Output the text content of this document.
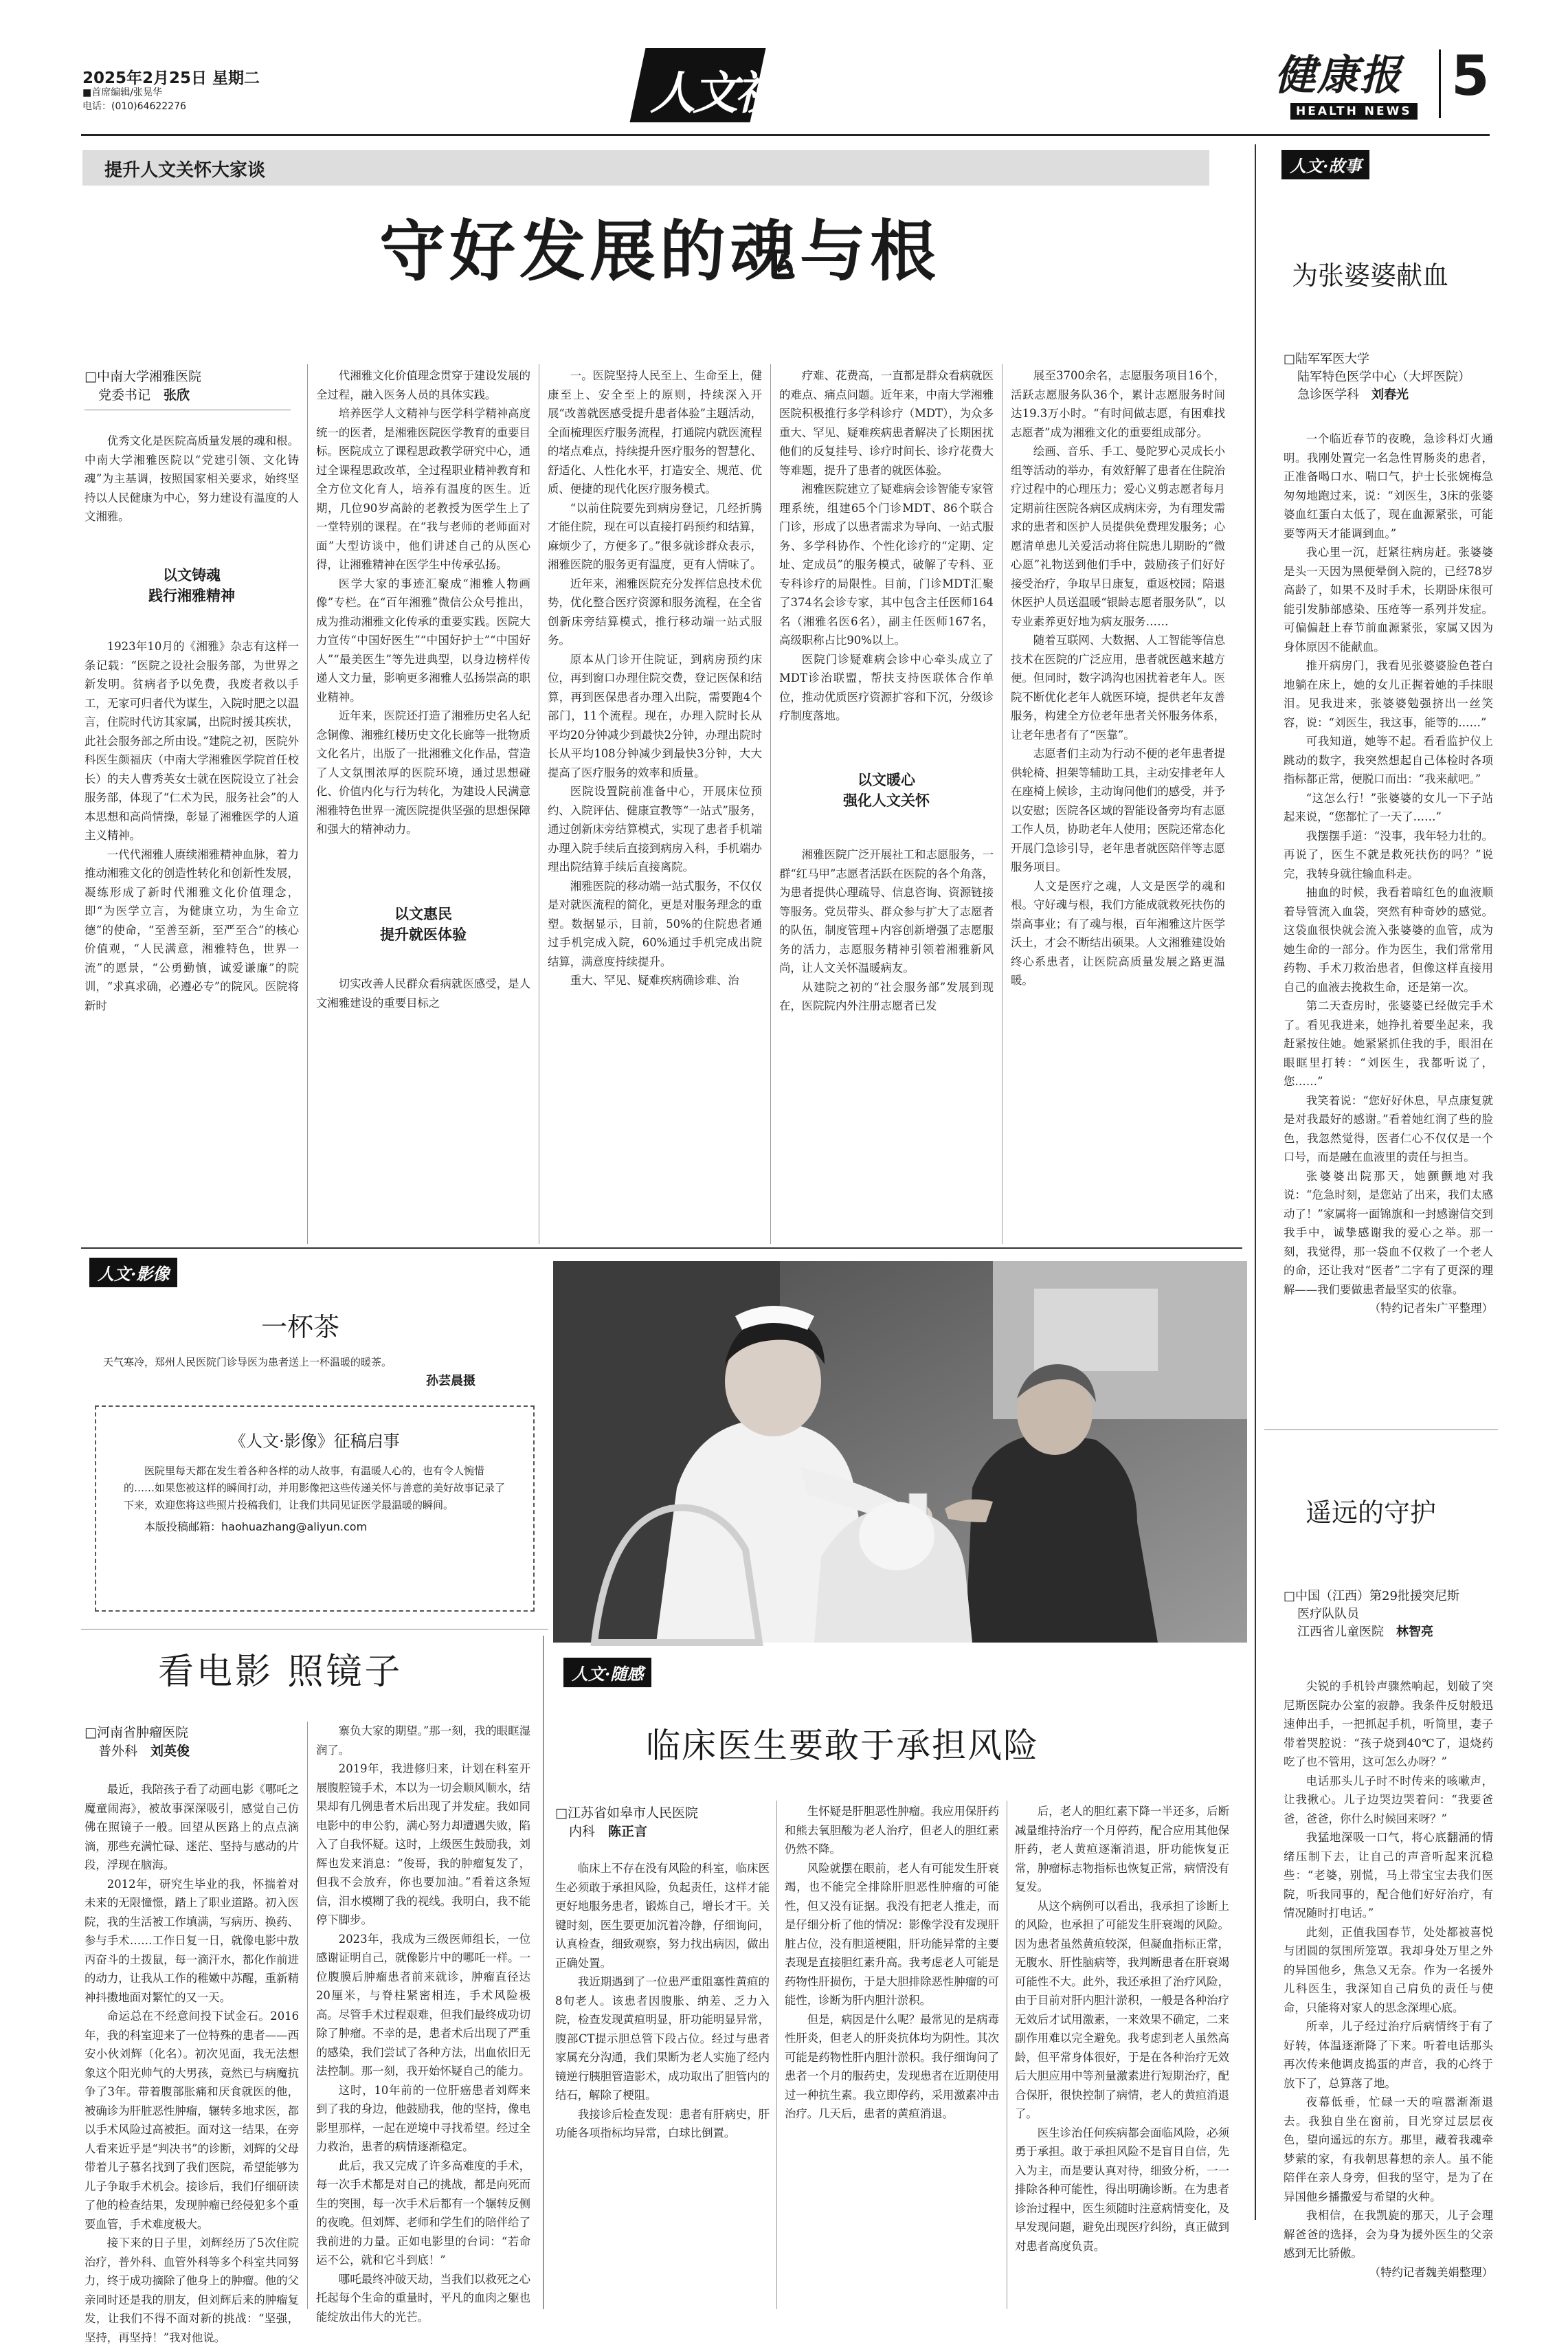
2025年2月25日 星期二
■首席编辑/张晃华
电话：(010)64622276	人文视线	健康报
HEALTH NEWS
5
提升人文关怀大家谈
守好发展的魂与根
□中南大学湘雅医院
党委书记　 张欣

优秀文化是医院高质量发展的魂和根。中南大学湘雅医院以“党建引领、文化铸魂”为主基调，按照国家相关要求，始终坚持以人民健康为中心，努力建设有温度的人文湘雅。

以文铸魂
践行湘雅精神

1923年10月的《湘雅》杂志有这样一条记载：“医院之设社会服务部，为世界之新发明。贫病者予以免费，我废者救以手工，无家可归者代为谋生，入院时肥之以温言，住院时代访其家属，出院时援其疾状，此社会服务部之所由设。”建院之初，医院外科医生颜福庆（中南大学湘雅医学院首任校长）的夫人曹秀英女士就在医院设立了社会服务部，体现了“仁术为民，服务社会”的人本思想和高尚情操，彰显了湘雅医学的人道主义精神。

一代代湘雅人赓续湘雅精神血脉，着力推动湘雅文化的创造性转化和创新性发展，凝练形成了新时代湘雅文化价值理念，即“为医学立言，为健康立功，为生命立德”的使命，“至善至新，至严至合”的核心价值观，“人民满意，湘雅特色，世界一流”的愿景，“公勇勤慎，诚爱谦廉”的院训，“求真求确，必遵必专”的院风。医院将新时

代湘雅文化价值理念贯穿于建设发展的全过程，融入医务人员的具体实践。

培养医学人文精神与医学科学精神高度统一的医者，是湘雅医院医学教育的重要目标。医院成立了课程思政教学研究中心，通过全课程思政改革，全过程职业精神教育和全方位文化育人，培养有温度的医生。近期，几位90岁高龄的老教授为医学生上了一堂特别的课程。在“我与老师的老师面对面”大型访谈中，他们讲述自己的从医心得，让湘雅精神在医学生中传承弘扬。

医学大家的事迹汇聚成“湘雅人物画像”专栏。在“百年湘雅”微信公众号推出，成为推动湘雅文化传承的重要实践。医院大力宣传“中国好医生”“中国好护士”“中国好人”“最美医生”等先进典型，以身边榜样传递人文力量，影响更多湘雅人弘扬崇高的职业精神。

近年来，医院还打造了湘雅历史名人纪念铜像、湘雅红楼历史文化长廊等一批物质文化名片，出版了一批湘雅文化作品，营造了人文氛围浓厚的医院环境，通过思想碰化、价值内化与行为转化，为建设人民满意湘雅特色世界一流医院提供坚强的思想保障和强大的精神动力。

以文惠民
提升就医体验

切实改善人民群众看病就医感受，是人文湘雅建设的重要目标之

一。医院坚持人民至上、生命至上，健康至上、安全至上的原则，持续深入开展“改善就医感受提升患者体验”主题活动，全面梳理医疗服务流程，打通院内就医流程的堵点难点，持续提升医疗服务的智慧化、舒适化、人性化水平，打造安全、规范、优质、便捷的现代化医疗服务模式。

“以前住院要先到病房登记，几经折腾才能住院，现在可以直接打码预约和结算，麻烦少了，方便多了。”很多就诊群众表示，湘雅医院的服务更有温度，更有人情味了。

近年来，湘雅医院充分发挥信息技术优势，优化整合医疗资源和服务流程，在全省创新床旁结算模式，推行移动端一站式服务。

原本从门诊开住院证，到病房预约床位，再到窗口办理住院交费，登记医保和结算，再到医保患者办理入出院，需要跑4个部门，11个流程。现在，办理入院时长从平均20分钟减少到最快2分钟，办理出院时长从平均108分钟减少到最快3分钟，大大提高了医疗服务的效率和质量。

医院设置院前准备中心，开展床位预约、入院评估、健康宣教等“一站式”服务，通过创新床旁结算模式，实现了患者手机端办理入院手续后直接到病房入科，手机端办理出院结算手续后直接离院。

湘雅医院的移动端一站式服务，不仅仅是对就医流程的简化，更是对服务理念的重塑。数据显示，目前，50%的住院患者通过手机完成入院，60%通过手机完成出院结算，满意度持续提升。

重大、罕见、疑难疾病确诊难、治

疗难、花费高，一直都是群众看病就医的难点、痛点问题。近年来，中南大学湘雅医院积极推行多学科诊疗（MDT），为众多重大、罕见、疑难疾病患者解决了长期困扰他们的反复挂号、诊疗时间长、诊疗花费大等难题，提升了患者的就医体验。

湘雅医院建立了疑难病会诊智能专家管理系统，组建65个门诊MDT、86个联合门诊，形成了以患者需求为导向、一站式服务、多学科协作、个性化诊疗的“定期、定址、定成员”的服务模式，破解了专科、亚专科诊疗的局限性。目前，门诊MDT汇聚了374名会诊专家，其中包含主任医师164名（湘雅名医6名），副主任医师167名，高级职称占比90%以上。

医院门诊疑难病会诊中心牵头成立了MDT诊治联盟，帮扶支持医联体合作单位，推动优质医疗资源扩容和下沉，分级诊疗制度落地。

以文暖心
强化人文关怀

湘雅医院广泛开展社工和志愿服务，一群“红马甲”志愿者活跃在医院的各个角落，为患者提供心理疏导、信息咨询、资源链接等服务。党员带头、群众参与扩大了志愿者的队伍，制度管理+内容创新增强了志愿服务的活力，志愿服务精神引领着湘雅新风尚，让人文关怀温暖病友。

从建院之初的“社会服务部”发展到现在，医院院内外注册志愿者已发

展至3700余名，志愿服务项目16个，活跃志愿服务队36个，累计志愿服务时间达19.3万小时。“有时间做志愿，有困难找志愿者”成为湘雅文化的重要组成部分。

绘画、音乐、手工、曼陀罗心灵成长小组等活动的举办，有效舒解了患者在住院治疗过程中的心理压力；爱心义剪志愿者每月定期前往医院各病区成病床旁，为有理发需求的患者和医护人员提供免费理发服务；心愿清单患儿关爱活动将住院患儿期盼的“微心愿”礼物送到他们手中，鼓励孩子们好好接受治疗，争取早日康复，重返校园；陪退休医护人员送温暖“银龄志愿者服务队”，以专业素养更好地为病友服务……

随着互联网、大数据、人工智能等信息技术在医院的广泛应用，患者就医越来越方便。但同时，数字鸿沟也困扰着老年人。医院不断优化老年人就医环境，提供老年友善服务，构建全方位老年患者关怀服务体系，让老年患者有了“医靠”。

志愿者们主动为行动不便的老年患者提供轮椅、担架等辅助工具，主动安排老年人在座椅上候诊，主动询问他们的感受，并予以安慰；医院各区域的智能设备旁均有志愿工作人员，协助老年人使用；医院还常态化开展门急诊引导，老年患者就医陪伴等志愿服务项目。

人文是医疗之魂，人文是医学的魂和根。守好魂与根，我们方能成就救死扶伤的崇高事业；有了魂与根，百年湘雅这片医学沃土，才会不断结出硕果。人文湘雅建设始终心系患者，让医院高质量发展之路更温暖。

人文·故事
为张婆婆献血
□陆军军医大学
陆军特色医学中心（大坪医院）
急诊医学科　 刘春光

一个临近春节的夜晚，急诊科灯火通明。我刚处置完一名急性胃肠炎的患者，正准备喝口水、喘口气，护士长张婉梅急匆匆地跑过来，说：“刘医生，3床的张婆婆血红蛋白太低了，现在血源紧张，可能要等两天才能调到血。”

我心里一沉，赶紧往病房赶。张婆婆是头一天因为黑便晕倒入院的，已经78岁高龄了，如果不及时手术，长期卧床很可能引发肺部感染、压疮等一系列并发症。可偏偏赶上春节前血源紧张，家属又因为身体原因不能献血。

推开病房门，我看见张婆婆脸色苍白地躺在床上，她的女儿正握着她的手抹眼泪。见我进来，张婆婆勉强挤出一丝笑容，说：“刘医生，我这事，能等的……”

可我知道，她等不起。看看监护仪上跳动的数字，我突然想起自己体检时各项指标都正常，便脱口而出：“我来献吧。”

“这怎么行！”张婆婆的女儿一下子站起来说，“您都忙了一天了……”

我摆摆手道：“没事，我年轻力壮的。再说了，医生不就是救死扶伤的吗？”说完，我转身就往输血科走。

抽血的时候，我看着暗红色的血液顺着导管流入血袋，突然有种奇妙的感觉。这袋血很快就会流入张婆婆的血管，成为她生命的一部分。作为医生，我们常常用药物、手术刀救治患者，但像这样直接用自己的血液去挽救生命，还是第一次。

第二天查房时，张婆婆已经做完手术了。看见我进来，她挣扎着要坐起来，我赶紧按住她。她紧紧抓住我的手，眼泪在眼眶里打转：“刘医生，我都听说了，您……”

我笑着说：“您好好休息，早点康复就是对我最好的感谢。”看着她红润了些的脸色，我忽然觉得，医者仁心不仅仅是一个口号，而是融在血液里的责任与担当。

张婆婆出院那天，她颤颤地对我说：“危急时刻，是您站了出来，我们太感动了！”家属将一面锦旗和一封感谢信交到我手中，诚挚感谢我的爱心之举。那一刻，我觉得，那一袋血不仅救了一个老人的命，还让我对“医者”二字有了更深的理解——我们要做患者最坚实的依靠。

（特约记者朱广平整理）

遥远的守护
□中国（江西）第29批援突尼斯
医疗队队员
江西省儿童医院　 林智亮

尖锐的手机铃声骤然响起，划破了突尼斯医院办公室的寂静。我条件反射般迅速伸出手，一把抓起手机，听筒里，妻子带着哭腔说：“孩子烧到40℃了，退烧药吃了也不管用，这可怎么办呀？”

电话那头儿子时不时传来的咳嗽声，让我揪心。儿子边哭边哭着问：“我要爸爸，爸爸，你什么时候回来呀？”

我猛地深吸一口气，将心底翻涌的情绪压制下去，让自己的声音听起来沉稳些：“老婆，别慌，马上带宝宝去我们医院，听我同事的，配合他们好好治疗，有情况随时打电话。”

此刻，正值我国春节，处处都被喜悦与团圆的氛围所笼罩。我却身处万里之外的异国他乡，焦急又无奈。作为一名援外儿科医生，我深知自己肩负的责任与使命，只能将对家人的思念深埋心底。

所幸，儿子经过治疗后病情终于有了好转，体温逐渐降了下来。听着电话那头再次传来他调皮捣蛋的声音，我的心终于放下了，总算落了地。

夜幕低垂，忙碌一天的喧嚣渐渐退去。我独自坐在窗前，目光穿过层层夜色，望向遥远的东方。那里，藏着我魂牵梦萦的家，有我朝思暮想的亲人。虽不能陪伴在亲人身旁，但我的坚守，是为了在异国他乡播撒爱与希望的火种。

我相信，在我凯旋的那天，儿子会理解爸爸的选择，会为身为援外医生的父亲感到无比骄傲。

（特约记者魏美娟整理）

人文·影像
一杯茶
天气寒冷，郑州人民医院门诊导医为患者送上一杯温暖的暖茶。
孙芸晨摄
《人文·影像》征稿启事
医院里每天都在发生着各种各样的动人故事，有温暖人心的，也有令人惋惜的……如果您被这样的瞬间打动，并用影像把这些传递关怀与善意的美好故事记录了下来，欢迎您将这些照片投稿我们，让我们共同见证医学最温暖的瞬间。
本版投稿邮箱：haohuazhang@aliyun.com
看电影 照镜子
□河南省肿瘤医院
普外科　 刘英俊

最近，我陪孩子看了动画电影《哪吒之魔童闹海》，被故事深深吸引，感觉自己仿佛在照镜子一般。回望从医路上的点点滴滴，那些充满忙碌、迷茫、坚持与感动的片段，浮现在脑海。

2012年，研究生毕业的我，怀揣着对未来的无限憧憬，踏上了职业道路。初入医院，我的生活被工作填满，写病历、换药、参与手术……工作日复一日，就像电影中敖丙奋斗的土拨鼠，每一滴汗水，都化作前进的动力，让我从工作的稚嫩中苏醒，重新精神抖擞地面对繁忙的又一天。

命运总在不经意间投下试金石。2016年，我的科室迎来了一位特殊的患者——西安小伙刘辉（化名）。初次见面，我无法想象这个阳光帅气的大男孩，竟然已与病魔抗争了3年。带着腹部胀痛和厌食就医的他，被确诊为肝脏恶性肿瘤，辗转多地求医，都以手术风险过高被拒。面对这一结果，在旁人看来近乎是“判决书”的诊断，刘辉的父母带着儿子慕名找到了我们医院，希望能够为儿子争取手术机会。接诊后，我们仔细研读了他的检查结果，发现肿瘤已经侵犯多个重要血管，手术难度极大。

接下来的日子里，刘辉经历了5次住院治疗，普外科、血管外科等多个科室共同努力，终于成功摘除了他身上的肿瘤。他的父亲同时还是我的朋友，但刘辉后来的肿瘤复发，让我们不得不面对新的挑战：“坚强，坚持，再坚持！”我对他说。

寨负大家的期望。”那一刻，我的眼眶湿润了。

2019年，我进修归来，计划在科室开展腹腔镜手术，本以为一切会顺风顺水，结果却有几例患者术后出现了并发症。我如同电影中的申公豹，满心努力却遭遇失败，陷入了自我怀疑。这时，上级医生鼓励我，刘辉也发来消息：“俊哥，我的肿瘤复发了，但我不会放弃，你也要加油。”看着这条短信，泪水模糊了我的视线。我明白，我不能停下脚步。

2023年，我成为三级医师组长，一位感谢证明自己，就像影片中的哪吒一样。一位腹膜后肿瘤患者前来就诊，肿瘤直径达20厘米，与脊柱紧密相连，手术风险极高。尽管手术过程艰难，但我们最终成功切除了肿瘤。不幸的是，患者术后出现了严重的感染，我们尝试了各种方法，出血依旧无法控制。那一刻，我开始怀疑自己的能力。

这时，10年前的一位肝癌患者刘辉来到了我的身边，他鼓励我，他的坚持，像电影里那样，一起在逆境中寻找希望。经过全力救治，患者的病情逐渐稳定。

此后，我又完成了许多高难度的手术，每一次手术都是对自己的挑战，都是向死而生的突围，每一次手术后都有一个辗转反侧的夜晚。但刘辉、老师和学生们的陪伴给了我前进的力量。正如电影里的台词：“若命运不公，就和它斗到底！”

哪吒最终冲破天劫，当我们以救死之心托起每个生命的重量时，平凡的血肉之躯也能绽放出伟大的光芒。

人文·随感
临床医生要敢于承担风险
□江苏省如皋市人民医院
内科　 陈正言

临床上不存在没有风险的科室，临床医生必须敢于承担风险，负起责任，这样才能更好地服务患者，锻炼自己，增长才干。关键时刻，医生要更加沉着冷静，仔细询问，认真检查，细致观察，努力找出病因，做出正确处置。

我近期遇到了一位患严重阻塞性黄疸的8旬老人。该患者因腹胀、纳差、乏力入院，检查发现黄疸明显，肝功能明显异常，腹部CT提示胆总管下段占位。经过与患者家属充分沟通，我们果断为老人实施了经内镜逆行胰胆管造影术，成功取出了胆管内的结石，解除了梗阻。

我接诊后检查发现：患者有肝病史，肝功能各项指标均异常，白球比倒置。

生怀疑是肝胆恶性肿瘤。我应用保肝药和熊去氧胆酸为老人治疗，但老人的胆红素仍然不降。

风险就摆在眼前，老人有可能发生肝衰竭，也不能完全排除肝胆恶性肿瘤的可能性，但又没有证据。我没有把老人推走，而是仔细分析了他的情况：影像学没有发现肝脏占位，没有胆道梗阻，肝功能异常的主要表现是直接胆红素升高。我考虑老人可能是药物性肝损伤，于是大胆排除恶性肿瘤的可能性，诊断为肝内胆汁淤积。

但是，病因是什么呢？最常见的是病毒性肝炎，但老人的肝炎抗体均为阴性。其次可能是药物性肝内胆汁淤积。我仔细询问了患者一个月的服药史，发现患者在近期使用过一种抗生素。我立即停药，采用激素冲击治疗。几天后，患者的黄疸消退。

后，老人的胆红素下降一半还多，后断减量维持治疗一个月停药，配合应用其他保肝药，老人黄疸逐渐消退，肝功能恢复正常，肿瘤标志物指标也恢复正常，病情没有复发。

从这个病例可以看出，我承担了诊断上的风险，也承担了可能发生肝衰竭的风险。因为患者虽然黄疸较深，但凝血指标正常，无腹水、肝性脑病等，我判断患者在肝衰竭可能性不大。此外，我还承担了治疗风险，由于目前对肝内胆汁淤积，一般是各种治疗无效后才试用激素，一来效果不确定，二来副作用难以完全避免。我考虑到老人虽然高龄，但平常身体很好，于是在各种治疗无效后大胆应用中等剂量激素进行短期治疗，配合保肝，很快控制了病情，老人的黄疸消退了。

医生诊治任何疾病都会面临风险，必须勇于承担。敢于承担风险不是盲目自信，先入为主，而是要认真对待，细致分析，一一排除各种可能性，得出明确诊断。在为患者诊治过程中，医生须随时注意病情变化，及早发现问题，避免出现医疗纠纷，真正做到对患者高度负责。
